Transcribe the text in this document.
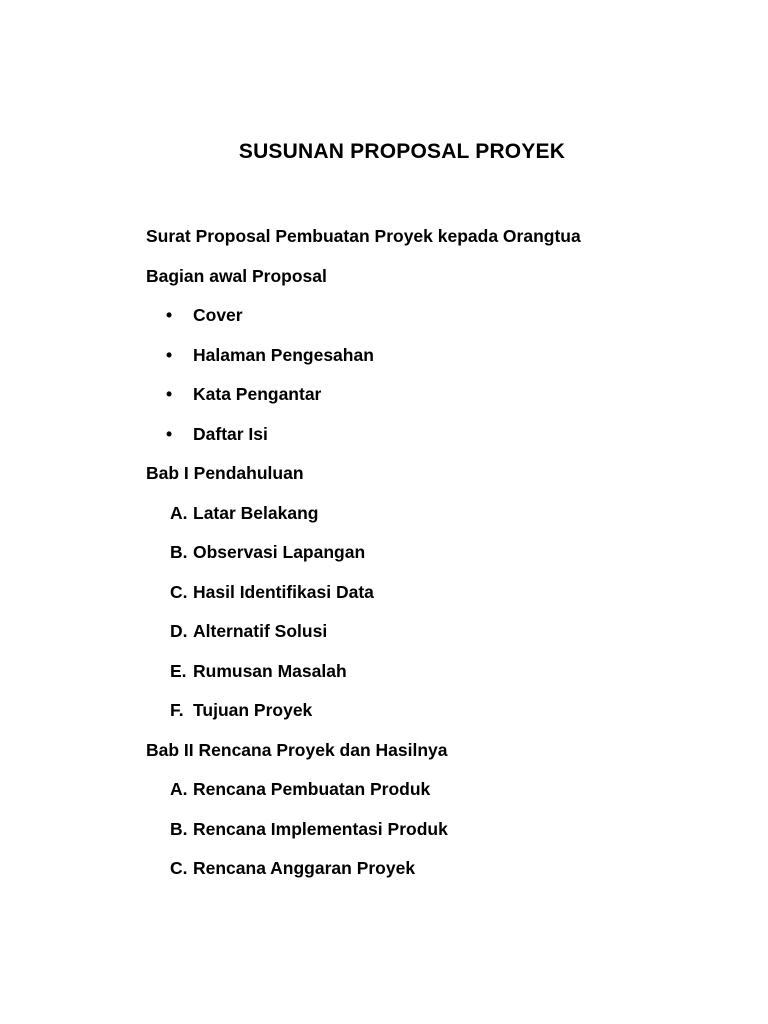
SUSUNAN PROPOSAL PROYEK
Surat Proposal Pembuatan Proyek kepada Orangtua
Bagian awal Proposal
•	Cover
•	Halaman Pengesahan
•	Kata Pengantar
•	Daftar Isi
Bab I Pendahuluan
A. Latar Belakang
B. Observasi Lapangan
C. Hasil Identifikasi Data
D. Alternatif Solusi
E. Rumusan Masalah
F. Tujuan Proyek
Bab II Rencana Proyek dan Hasilnya
A. Rencana Pembuatan Produk
B. Rencana Implementasi Produk
C. Rencana Anggaran Proyek
